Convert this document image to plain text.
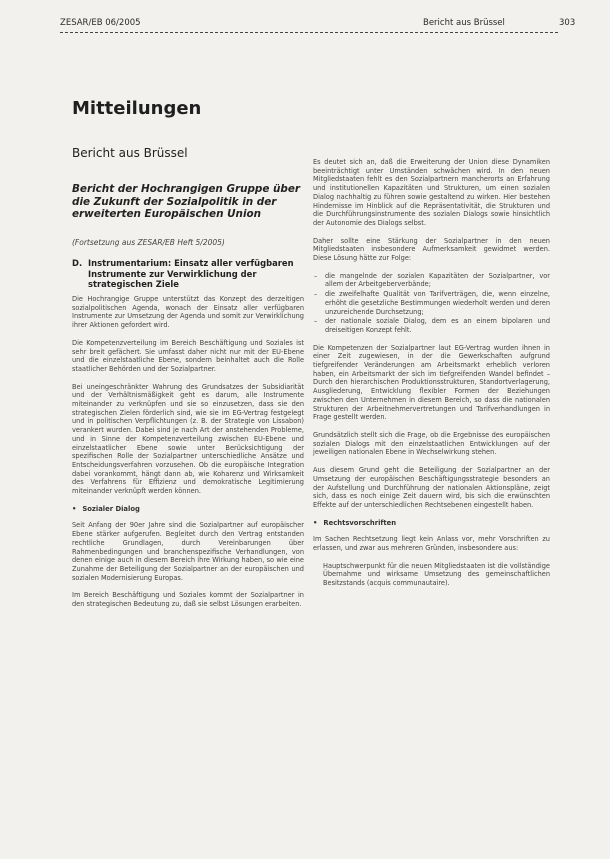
ZESAR/EB 06/2005	Bericht aus Brüssel	303
Mitteilungen
Bericht aus Brüssel
Bericht der Hochrangigen Gruppe über die Zukunft der Sozialpolitik in der erweiterten Europäischen Union
(Fortsetzung aus ZESAR/EB Heft 5/2005)
D. Instrumentarium: Einsatz aller verfügbaren Instrumente zur Verwirklichung der strategischen Ziele

Die Hochrangige Gruppe unterstützt das Konzept des derzeitigen sozialpolitischen Agenda, wonach der Einsatz aller verfügbaren Instrumente zur Umsetzung der Agenda und somit zur Verwirklichung ihrer Aktionen gefordert wird.

Die Kompetenzverteilung im Bereich Beschäftigung und Soziales ist sehr breit gefächert. Sie umfasst daher nicht nur mit der EU-Ebene und die einzelstaatliche Ebene, sondern beinhaltet auch die Rolle staatlicher Behörden und der Sozialpartner.

Bei uneingeschränkter Wahrung des Grundsatzes der Subsidiarität und der Verhältnismäßigkeit geht es darum, alle Instrumente miteinander zu verknüpfen und sie so einzusetzen, dass sie den strategischen Zielen förderlich sind, wie sie im EG-Vertrag festgelegt und in politischen Verpflichtungen (z. B. der Strategie von Lissabon) verankert wurden. Dabei sind je nach Art der anstehenden Probleme, und in Sinne der Kompetenzverteilung zwischen EU-Ebene und einzelstaatlicher Ebene sowie unter Berücksichtigung der spezifischen Rolle der Sozialpartner unterschiedliche Ansätze und Entscheidungsverfahren vorzusehen. Ob die europäische Integration dabei vorankommt, hängt dann ab, wie Koharenz und Wirksamkeit des Verfahrens für Effizienz und demokratische Legitimierung miteinander verknüpft werden können.

• Sozialer Dialog

Seit Anfang der 90er Jahre sind die Sozialpartner auf europäischer Ebene stärker aufgerufen. Begleitet durch den Vertrag entstanden rechtliche Grundlagen, durch Vereinbarungen über Rahmenbedingungen und branchenspezifische Verhandlungen, von denen einige auch in diesem Bereich ihre Wirkung haben, so wie eine Zunahme der Beteiligung der Sozialpartner an der europäischen und sozialen Modernisierung Europas.

Im Bereich Beschäftigung und Soziales kommt der Sozialpartner in den strategischen Bedeutung zu, daß sie selbst Lösungen erarbeiten.

Es deutet sich an, daß die Erweiterung der Union diese Dynamiken beeinträchtigt unter Umständen schwächen wird. In den neuen Mitgliedstaaten fehlt es den Sozialpartnern mancherorts an Erfahrung und institutionellen Kapazitäten und Strukturen, um einen sozialen Dialog nachhaltig zu führen sowie gestaltend zu wirken. Hier bestehen Hindernisse im Hinblick auf die Repräsentativität, die Strukturen und die Durchführungsinstrumente des sozialen Dialogs sowie hinsichtlich der Autonomie des Dialogs selbst.

Daher sollte eine Stärkung der Sozialpartner in den neuen Mitgliedstaaten insbesondere Aufmerksamkeit gewidmet werden. Diese Lösung hätte zur Folge:

– die mangelnde der sozialen Kapazitäten der Sozialpartner, vor allem der Arbeitgeberverbände;
– die zweifelhafte Qualität von Tarifverträgen, die, wenn einzelne, erhöht die gesetzliche Bestimmungen wiederholt werden und deren unzureichende Durchsetzung;
– der nationale soziale Dialog, dem es an einem bipolaren und dreiseitigen Konzept fehlt.

Die Kompetenzen der Sozialpartner laut EG-Vertrag wurden ihnen in einer Zeit zugewiesen, in der die Gewerkschaften aufgrund tiefgreifender Veränderungen am Arbeitsmarkt erheblich verloren haben, ein Arbeitsmarkt der sich im tiefgreifenden Wandel befindet – Durch den hierarchischen Produktionsstrukturen, Standortverlagerung, Ausgliederung, Entwicklung flexibler Formen der Beziehungen zwischen den Unternehmen in diesem Bereich, so dass die nationalen Strukturen der Arbeitnehmervertretungen und Tarifverhandlungen in Frage gestellt werden.

Grundsätzlich stellt sich die Frage, ob die Ergebnisse des europäischen sozialen Dialogs mit den einzelstaatlichen Entwicklungen auf der jeweiligen nationalen Ebene in Wechselwirkung stehen.

Aus diesem Grund geht die Beteiligung der Sozialpartner an der Umsetzung der europäischen Beschäftigungsstrategie besonders an der Aufstellung und Durchführung der nationalen Aktionspläne, zeigt sich, dass es noch einige Zeit dauern wird, bis sich die erwünschten Effekte auf der unterschiedlichen Rechtsebenen eingestellt haben.

• Rechtsvorschriften

Im Sachen Rechtsetzung liegt kein Anlass vor, mehr Vorschriften zu erlassen, und zwar aus mehreren Gründen, insbesondere aus:

Hauptschwerpunkt für die neuen Mitgliedstaaten ist die vollständige Übernahme und wirksame Umsetzung des gemeinschaftlichen Besitzstands (acquis communautaire).
